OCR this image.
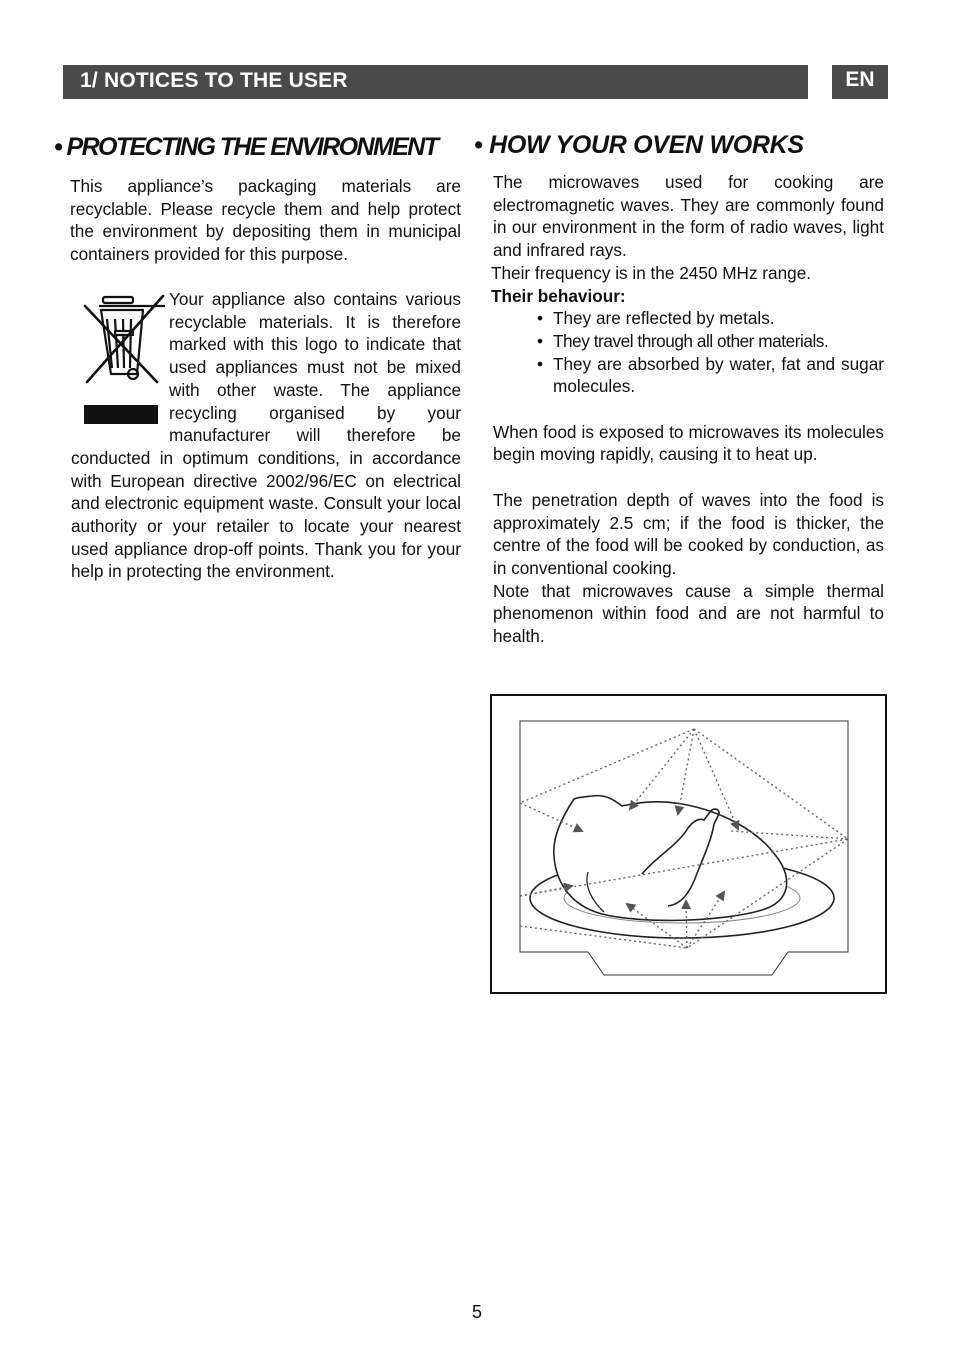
1/ NOTICES TO THE USER	EN
• PROTECTING THE ENVIRONMENT

This appliance’s packaging materials are recyclable. Please recycle them and help protect the environment by depositing them in municipal containers provided for this purpose.

Your appliance also contains various recyclable materials. It is therefore marked with this logo to indicate that used appliances must not be mixed with other waste. The appliance recycling organised by your manufacturer will therefore be conducted in optimum conditions, in accordance with European directive 2002/96/EC on electrical and electronic equipment waste. Consult your local authority or your retailer to locate your nearest used appliance drop-off points. Thank you for your help in protecting the environment.
• HOW YOUR OVEN WORKS

The microwaves used for cooking are electromagnetic waves. They are commonly found in our environment in the form of radio waves, light and infrared rays.

Their frequency is in the 2450 MHz range.

Their behaviour:

• They are reflected by metals.
• They travel through all other materials.
• They are absorbed by water, fat and sugar molecules.

When food is exposed to microwaves its molecules begin moving rapidly, causing it to heat up.

The penetration depth of waves into the food is approximately 2.5 cm; if the food is thicker, the centre of the food will be cooked by conduction, as in conventional cooking.

Note that microwaves cause a simple thermal phenomenon within food and are not harmful to health.

5
